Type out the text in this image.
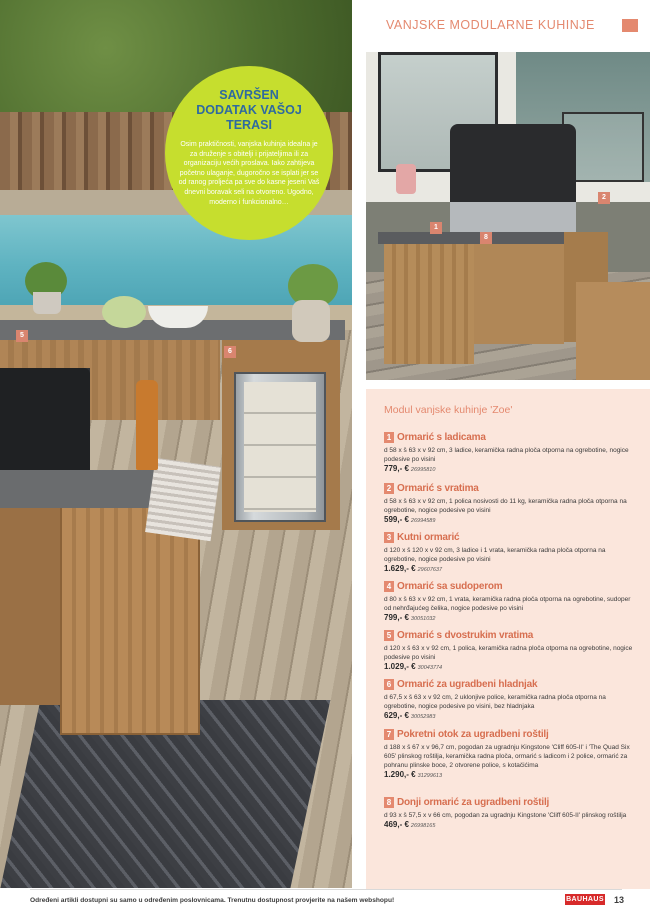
5
6
SAVRŠEN
DODATAK VAŠOJ
TERASI
Osim praktičnosti, vanjska kuhinja idealna je za druženje s obitelji i prijateljima ili za organizaciju većih proslava. Iako zahtijeva početno ulaganje, dugoročno se isplati jer se od ranog proljeća pa sve do kasne jeseni Vaš dnevni boravak seli na otvoreno. Ugodno, moderno i funkcionalno…
VANJSKE MODULARNE KUHINJE
1
8
2
Modul vanjske kuhinje 'Zoe'
1 Ormarić s ladicama
d 58 x š 63 x v 92 cm, 3 ladice, keramička radna ploča otporna na ogrebotine, nogice podesive po visini
779,- € 26995810
2 Ormarić s vratima
d 58 x š 63 x v 92 cm, 1 polica nosivosti do 11 kg, keramička radna ploča otporna na ogrebotine, nogice podesive po visini
599,- € 26994589
3 Kutni ormarić
d 120 x š 120 x v 92 cm, 3 ladice i 1 vrata, keramička radna ploča otporna na ogrebotine, nogice podesive po visini
1.629,- € 29607637
4 Ormarić sa sudoperom
d 80 x š 63 x v 92 cm, 1 vrata, keramička radna ploča otporna na ogrebotine, sudoper od nehrđajućeg čelika, nogice podesive po visini
799,- € 30051032
5 Ormarić s dvostrukim vratima
d 120 x š 63 x v 92 cm, 1 polica, keramička radna ploča otporna na ogrebotine, nogice podesive po visini
1.029,- € 30043774
6 Ormarić za ugradbeni hladnjak
d 67,5 x š 63 x v 92 cm, 2 uklonjive police, keramička radna ploča otporna na ogrebotine, nogice podesive po visini, bez hladnjaka
629,- € 30052983
7 Pokretni otok za ugradbeni roštilj
d 188 x š 67 x v 96,7 cm, pogodan za ugradnju Kingstone 'Cliff 605-II' i 'The Quad Six 605' plinskog roštilja, keramička radna ploča, ormarić s ladicom i 2 police, ormarić za pohranu plinske boce, 2 otvorene police, s kotačićima
1.290,- € 31299613
8 Donji ormarić za ugradbeni roštilj
d 93 x š 57,5 x v 66 cm, pogodan za ugradnju Kingstone 'Cliff 605-II' plinskog roštilja
469,- € 26998165
Određeni artikli dostupni su samo u određenim poslovnicama. Trenutnu dostupnost provjerite na našem webshopu!	BAUHAUS 13
